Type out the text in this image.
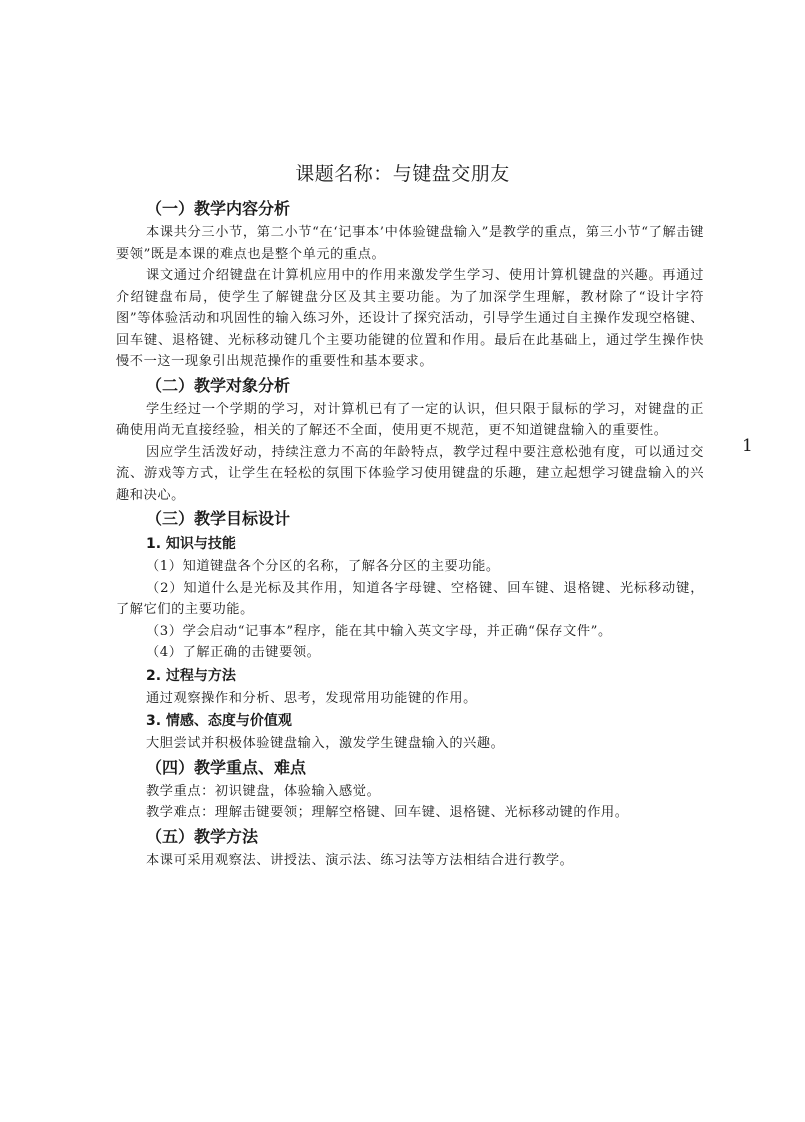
课题名称：与键盘交朋友
（一）教学内容分析

本课共分三小节，第二小节“在‘记事本’中体验键盘输入”是教学的重点，第三小节“了解击键要领”既是本课的难点也是整个单元的重点。

课文通过介绍键盘在计算机应用中的作用来激发学生学习、使用计算机键盘的兴趣。再通过介绍键盘布局，使学生了解键盘分区及其主要功能。为了加深学生理解，教材除了“设计字符图”等体验活动和巩固性的输入练习外，还设计了探究活动，引导学生通过自主操作发现空格键、回车键、退格键、光标移动键几个主要功能键的位置和作用。最后在此基础上，通过学生操作快慢不一这一现象引出规范操作的重要性和基本要求。

（二）教学对象分析

学生经过一个学期的学习，对计算机已有了一定的认识，但只限于鼠标的学习，对键盘的正确使用尚无直接经验，相关的了解还不全面，使用更不规范，更不知道键盘输入的重要性。

因应学生活泼好动，持续注意力不高的年龄特点，教学过程中要注意松弛有度，可以通过交流、游戏等方式，让学生在轻松的氛围下体验学习使用键盘的乐趣，建立起想学习键盘输入的兴趣和决心。

（三）教学目标设计
1. 知识与技能

（1）知道键盘各个分区的名称，了解各分区的主要功能。

（2）知道什么是光标及其作用，知道各字母键、空格键、回车键、退格键、光标移动键，了解它们的主要功能。

（3）学会启动“记事本”程序，能在其中输入英文字母，并正确“保存文件”。

（4）了解正确的击键要领。

2. 过程与方法

通过观察操作和分析、思考，发现常用功能键的作用。

3. 情感、态度与价值观

大胆尝试并积极体验键盘输入，激发学生键盘输入的兴趣。

（四）教学重点、难点

教学重点：初识键盘，体验输入感觉。

教学难点：理解击键要领；理解空格键、回车键、退格键、光标移动键的作用。

（五）教学方法

本课可采用观察法、讲授法、演示法、练习法等方法相结合进行教学。

1
